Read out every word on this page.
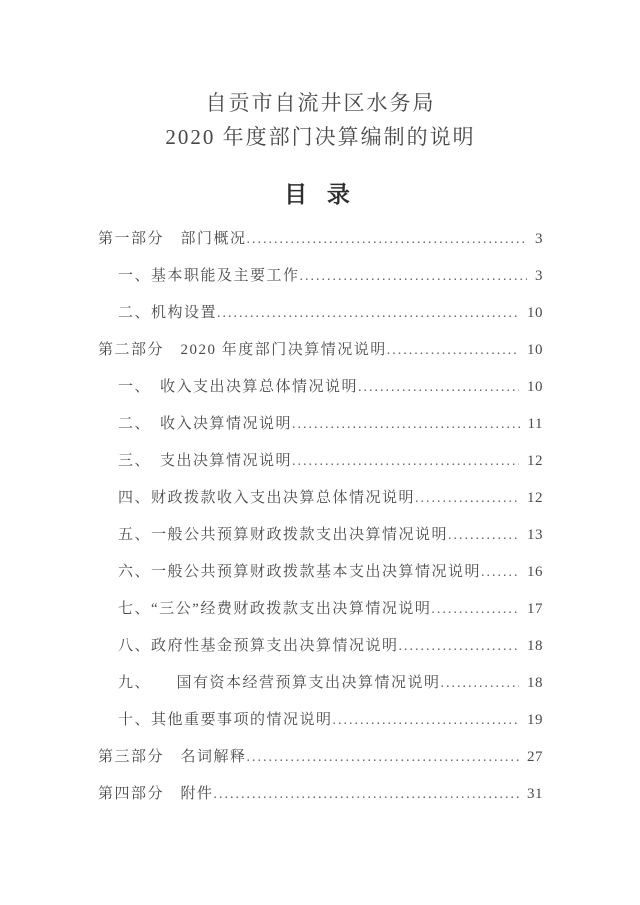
自贡市自流井区水务局
2020 年度部门决算编制的说明
目 录
第一部分　部门概况 .....	3
一、基本职能及主要工作 .....	3
二、机构设置 .....	10
第二部分　2020 年度部门决算情况说明 .....	10
一、　收入支出决算总体情况说明 .....	10
二、　收入决算情况说明 .....	11
三、　支出决算情况说明 .....	12
四、财政拨款收入支出决算总体情况说明 .....	12
五、一般公共预算财政拨款支出决算情况说明 .....	13
六、一般公共预算财政拨款基本支出决算情况说明 .....	16
七、“三公”经费财政拨款支出决算情况说明 .....	17
八、政府性基金预算支出决算情况说明 .....	18
九、　　国有资本经营预算支出决算情况说明 .....	18
十、其他重要事项的情况说明 .....	19
第三部分　名词解释 .....	27
第四部分　附件 .....	31
